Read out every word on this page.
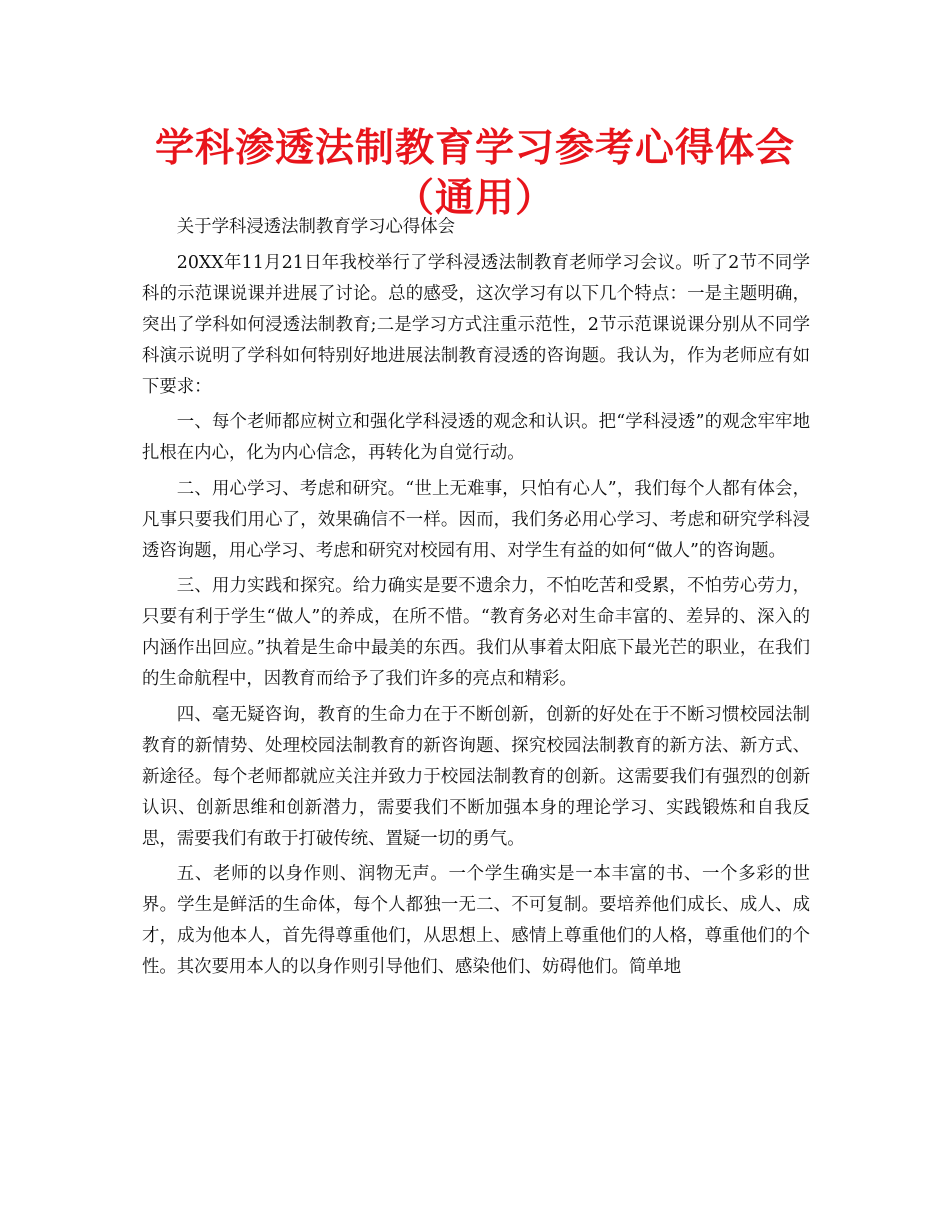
学科渗透法制教育学习参考心得体会（通用）

关于学科浸透法制教育学习心得体会

20XX年11月21日年我校举行了学科浸透法制教育老师学习会议。听了2节不同学科的示范课说课并进展了讨论。总的感受，这次学习有以下几个特点：一是主题明确，突出了学科如何浸透法制教育;二是学习方式注重示范性，2节示范课说课分别从不同学科演示说明了学科如何特别好地进展法制教育浸透的咨询题。我认为，作为老师应有如下要求：

一、每个老师都应树立和强化学科浸透的观念和认识。把“学科浸透”的观念牢牢地扎根在内心，化为内心信念，再转化为自觉行动。

二、用心学习、考虑和研究。“世上无难事，只怕有心人”，我们每个人都有体会，凡事只要我们用心了，效果确信不一样。因而，我们务必用心学习、考虑和研究学科浸透咨询题，用心学习、考虑和研究对校园有用、对学生有益的如何“做人”的咨询题。

三、用力实践和探究。给力确实是要不遗余力，不怕吃苦和受累，不怕劳心劳力，只要有利于学生“做人”的养成，在所不惜。“教育务必对生命丰富的、差异的、深入的内涵作出回应。”执着是生命中最美的东西。我们从事着太阳底下最光芒的职业，在我们的生命航程中，因教育而给予了我们许多的亮点和精彩。

四、毫无疑咨询，教育的生命力在于不断创新，创新的好处在于不断习惯校园法制教育的新情势、处理校园法制教育的新咨询题、探究校园法制教育的新方法、新方式、新途径。每个老师都就应关注并致力于校园法制教育的创新。这需要我们有强烈的创新认识、创新思维和创新潜力，需要我们不断加强本身的理论学习、实践锻炼和自我反思，需要我们有敢于打破传统、置疑一切的勇气。

五、老师的以身作则、润物无声。一个学生确实是一本丰富的书、一个多彩的世界。学生是鲜活的生命体，每个人都独一无二、不可复制。要培养他们成长、成人、成才，成为他本人，首先得尊重他们，从思想上、感情上尊重他们的人格，尊重他们的个性。其次要用本人的以身作则引导他们、感染他们、妨碍他们。简单地
